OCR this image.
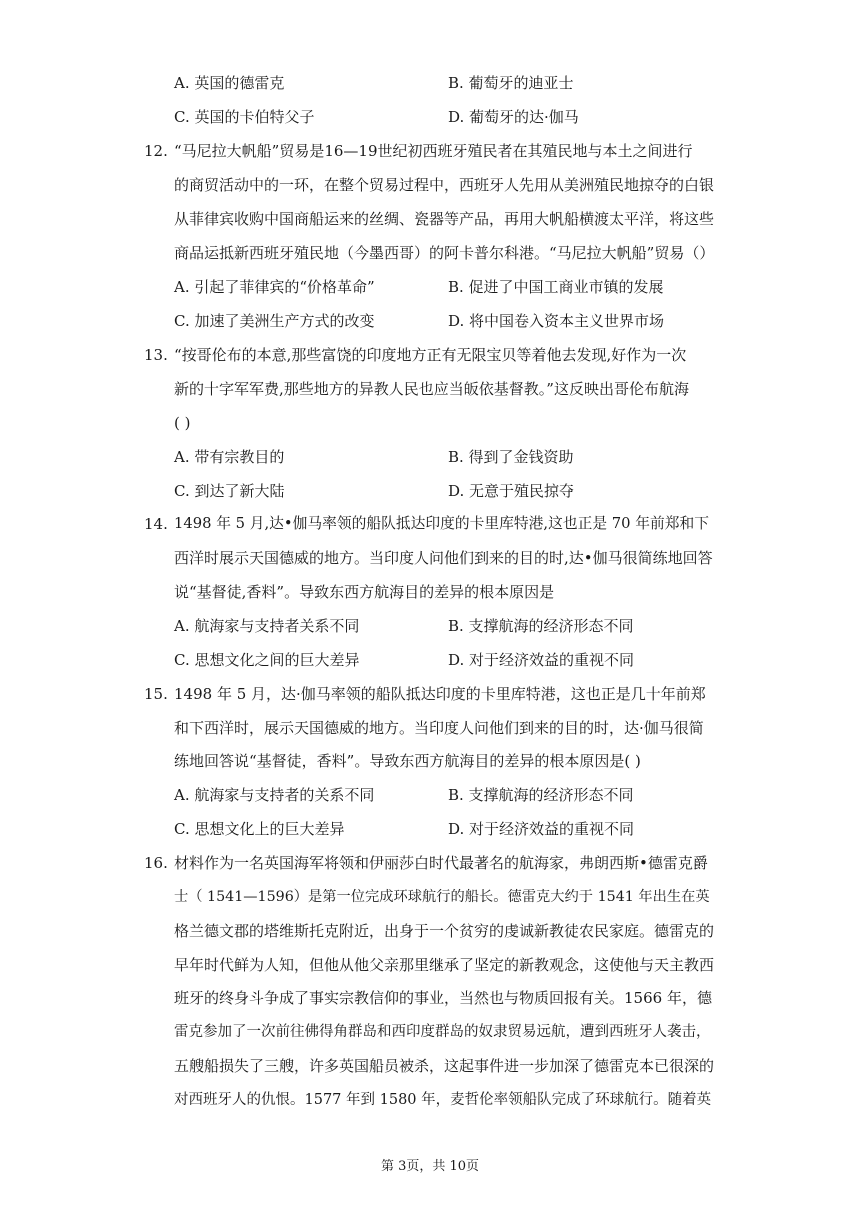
A. 英国的德雷克	B. 葡萄牙的迪亚士
C. 英国的卡伯特父子	D. 葡萄牙的达·伽马
12. “马尼拉大帆船”贸易是16—19世纪初西班牙殖民者在其殖民地与本土之间进行
的商贸活动中的一环，在整个贸易过程中，西班牙人先用从美洲殖民地掠夺的白银
从菲律宾收购中国商船运来的丝绸、瓷器等产品，再用大帆船横渡太平洋，将这些
商品运抵新西班牙殖民地（今墨西哥）的阿卡普尔科港。“马尼拉大帆船”贸易（）
A. 引起了菲律宾的“价格革命”	B. 促进了中国工商业市镇的发展
C. 加速了美洲生产方式的改变	D. 将中国卷入资本主义世界市场
13. “按哥伦布的本意,那些富饶的印度地方正有无限宝贝等着他去发现,好作为一次
新的十字军军费,那些地方的异教人民也应当皈依基督教。”这反映出哥伦布航海
( )
A. 带有宗教目的	B. 得到了金钱资助
C. 到达了新大陆	D. 无意于殖民掠夺
14. 1498 年 5 月,达•伽马率领的船队抵达印度的卡里库特港,这也正是 70 年前郑和下
西洋时展示天国德威的地方。当印度人问他们到来的目的时,达•伽马很简练地回答
说“基督徒,香料”。导致东西方航海目的差异的根本原因是
A. 航海家与支持者关系不同	B. 支撑航海的经济形态不同
C. 思想文化之间的巨大差异	D. 对于经济效益的重视不同
15. 1498 年 5 月，达·伽马率领的船队抵达印度的卡里库特港，这也正是几十年前郑
和下西洋时，展示天国德威的地方。当印度人问他们到来的目的时，达·伽马很简
练地回答说“基督徒，香料”。导致东西方航海目的差异的根本原因是( )
A. 航海家与支持者的关系不同	B. 支撑航海的经济形态不同
C. 思想文化上的巨大差异	D. 对于经济效益的重视不同
16. 材料作为一名英国海军将领和伊丽莎白时代最著名的航海家，弗朗西斯•德雷克爵
士（ 1541—1596）是第一位完成环球航行的船长。德雷克大约于 1541 年出生在英
格兰德文郡的塔维斯托克附近，出身于一个贫穷的虔诚新教徒农民家庭。德雷克的
早年时代鲜为人知，但他从他父亲那里继承了坚定的新教观念，这使他与天主教西
班牙的终身斗争成了事实宗教信仰的事业，当然也与物质回报有关。1566 年，德
雷克参加了一次前往佛得角群岛和西印度群岛的奴隶贸易远航，遭到西班牙人袭击，
五艘船损失了三艘，许多英国船员被杀，这起事件进一步加深了德雷克本已很深的
对西班牙人的仇恨。1577 年到 1580 年，麦哲伦率领船队完成了环球航行。随着英
第 3页，共 10页
